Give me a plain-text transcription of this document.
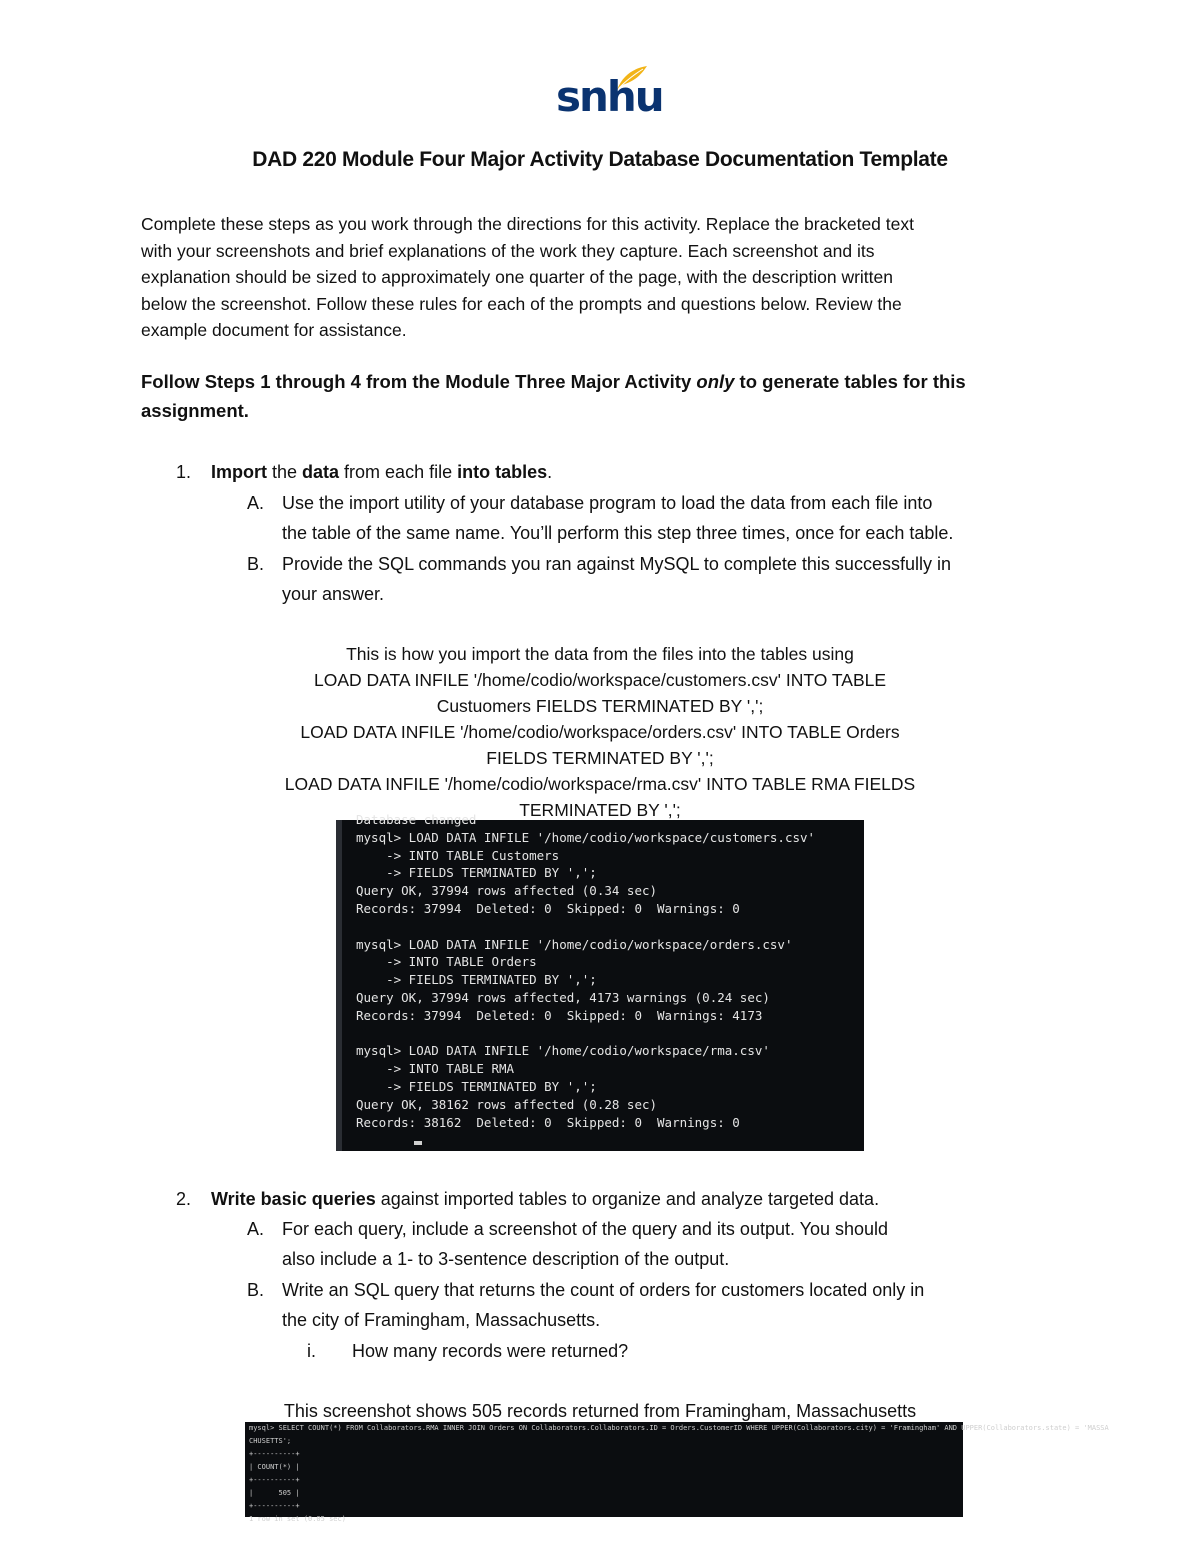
snhu
DAD 220 Module Four Major Activity Database Documentation Template
Complete these steps as you work through the directions for this activity. Replace the bracketed text
with your screenshots and brief explanations of the work they capture. Each screenshot and its
explanation should be sized to approximately one quarter of the page, with the description written
below the screenshot. Follow these rules for each of the prompts and questions below. Review the
example document for assistance.
Follow Steps 1 through 4 from the Module Three Major Activity only to generate tables for this
assignment.
1. Import the data from each file into tables.
A. Use the import utility of your database program to load the data from each file into
the table of the same name. You’ll perform this step three times, once for each table.
B. Provide the SQL commands you ran against MySQL to complete this successfully in
your answer.
This is how you import the data from the files into the tables using
LOAD DATA INFILE '/home/codio/workspace/customers.csv' INTO TABLE
Custuomers FIELDS TERMINATED BY ',';
LOAD DATA INFILE '/home/codio/workspace/orders.csv' INTO TABLE Orders
FIELDS TERMINATED BY ',';
LOAD DATA INFILE '/home/codio/workspace/rma.csv' INTO TABLE RMA FIELDS
TERMINATED BY ',';
Database changed
mysql> LOAD DATA INFILE '/home/codio/workspace/customers.csv'
-> INTO TABLE Customers
-> FIELDS TERMINATED BY ',';
Query OK, 37994 rows affected (0.34 sec)
Records: 37994  Deleted: 0  Skipped: 0  Warnings: 0

mysql> LOAD DATA INFILE '/home/codio/workspace/orders.csv'
-> INTO TABLE Orders
-> FIELDS TERMINATED BY ',';
Query OK, 37994 rows affected, 4173 warnings (0.24 sec)
Records: 37994  Deleted: 0  Skipped: 0  Warnings: 4173

mysql> LOAD DATA INFILE '/home/codio/workspace/rma.csv'
-> INTO TABLE RMA
-> FIELDS TERMINATED BY ',';
Query OK, 38162 rows affected (0.28 sec)
Records: 38162  Deleted: 0  Skipped: 0  Warnings: 0
2. Write basic queries against imported tables to organize and analyze targeted data.
A. For each query, include a screenshot of the query and its output. You should
also include a 1- to 3-sentence description of the output.
B. Write an SQL query that returns the count of orders for customers located only in
the city of Framingham, Massachusetts.
i. How many records were returned?
This screenshot shows 505 records returned from Framingham, Massachusetts
mysql> SELECT COUNT(*) FROM Collaborators.RMA INNER JOIN Orders ON Collaborators.Collaborators.ID = Orders.CustomerID WHERE UPPER(Collaborators.city) = 'Framingham' AND UPPER(Collaborators.state) = 'MASSA
CHUSETTS';
+----------+
| COUNT(*) |
+----------+
|      505 |
+----------+
1 row in set (0.05 sec)
